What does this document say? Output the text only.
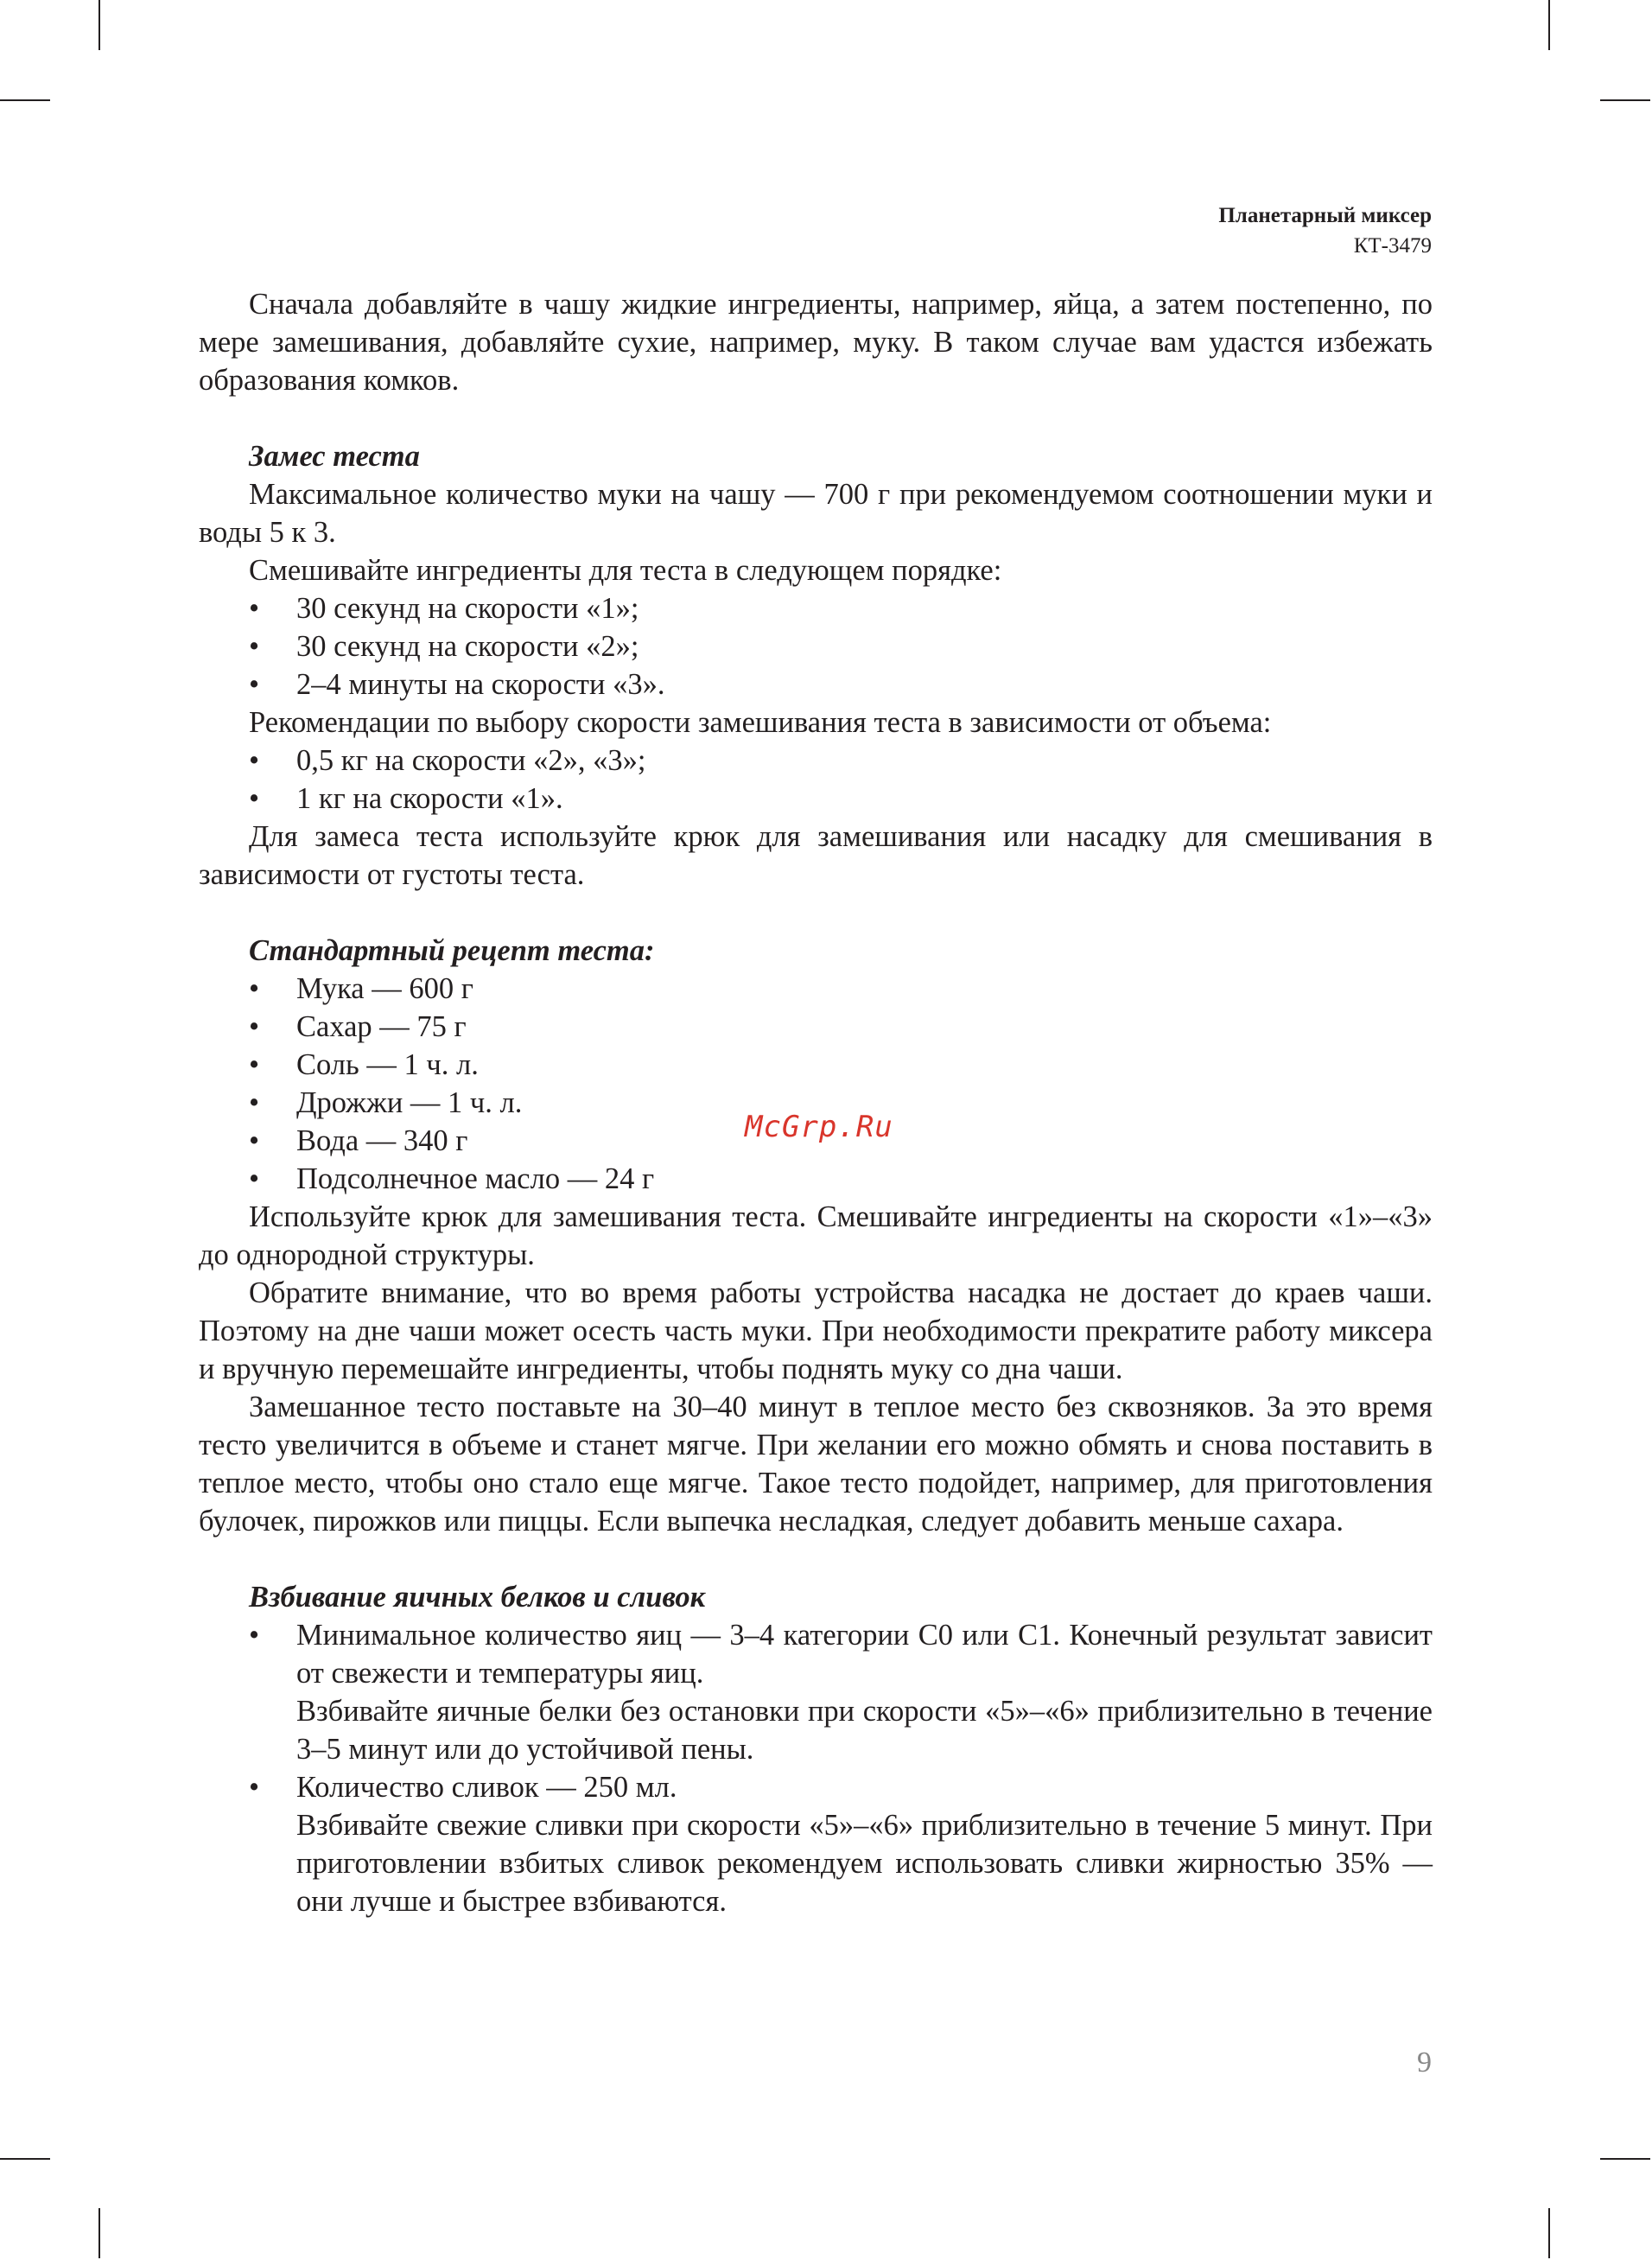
Планетарный миксер
КТ-3479

Сначала добавляйте в чашу жидкие ингредиенты, например, яйца, а затем постепенно, по мере замешивания, добавляйте сухие, например, муку. В таком случае вам удастся избежать образования комков.

Замес теста

Максимальное количество муки на чашу — 700 г при рекомендуемом соотношении муки и воды 5 к 3.

Смешивайте ингредиенты для теста в следующем порядке:

• 30 секунд на скорости «1»;
• 30 секунд на скорости «2»;
• 2–4 минуты на скорости «3».

Рекомендации по выбору скорости замешивания теста в зависимости от объема:

• 0,5 кг на скорости «2», «3»;
• 1 кг на скорости «1».

Для замеса теста используйте крюк для замешивания или насадку для смешивания в зависимости от густоты теста.

Стандартный рецепт теста:
• Мука — 600 г
• Сахар — 75 г
• Соль — 1 ч. л.
• Дрожжи — 1 ч. л.
• Вода — 340 г
• Подсолнечное масло — 24 г

Используйте крюк для замешивания теста. Смешивайте ингредиенты на скорости «1»–«3» до однородной структуры.

Обратите внимание, что во время работы устройства насадка не достает до краев чаши. Поэтому на дне чаши может осесть часть муки. При необходимости прекратите работу миксера и вручную перемешайте ингредиенты, чтобы поднять муку со дна чаши.

Замешанное тесто поставьте на 30–40 минут в теплое место без сквозняков. За это время тесто увеличится в объеме и станет мягче. При желании его можно обмять и снова поставить в теплое место, чтобы оно стало еще мягче. Такое тесто подойдет, например, для приготовления булочек, пирожков или пиццы. Если выпечка несладкая, следует добавить меньше сахара.

Взбивание яичных белков и сливок
• Минимальное количество яиц — 3–4 категории С0 или С1. Конечный результат зависит от свежести и температуры яиц.
Взбивайте яичные белки без остановки при скорости «5»–«6» приблизительно в течение 3–5 минут или до устойчивой пены.
• Количество сливок — 250 мл.
Взбивайте свежие сливки при скорости «5»–«6» приблизительно в течение 5 минут. При приготовлении взбитых сливок рекомендуем использовать сливки жирностью 35% — они лучше и быстрее взбиваются.
McGrp.Ru
9
